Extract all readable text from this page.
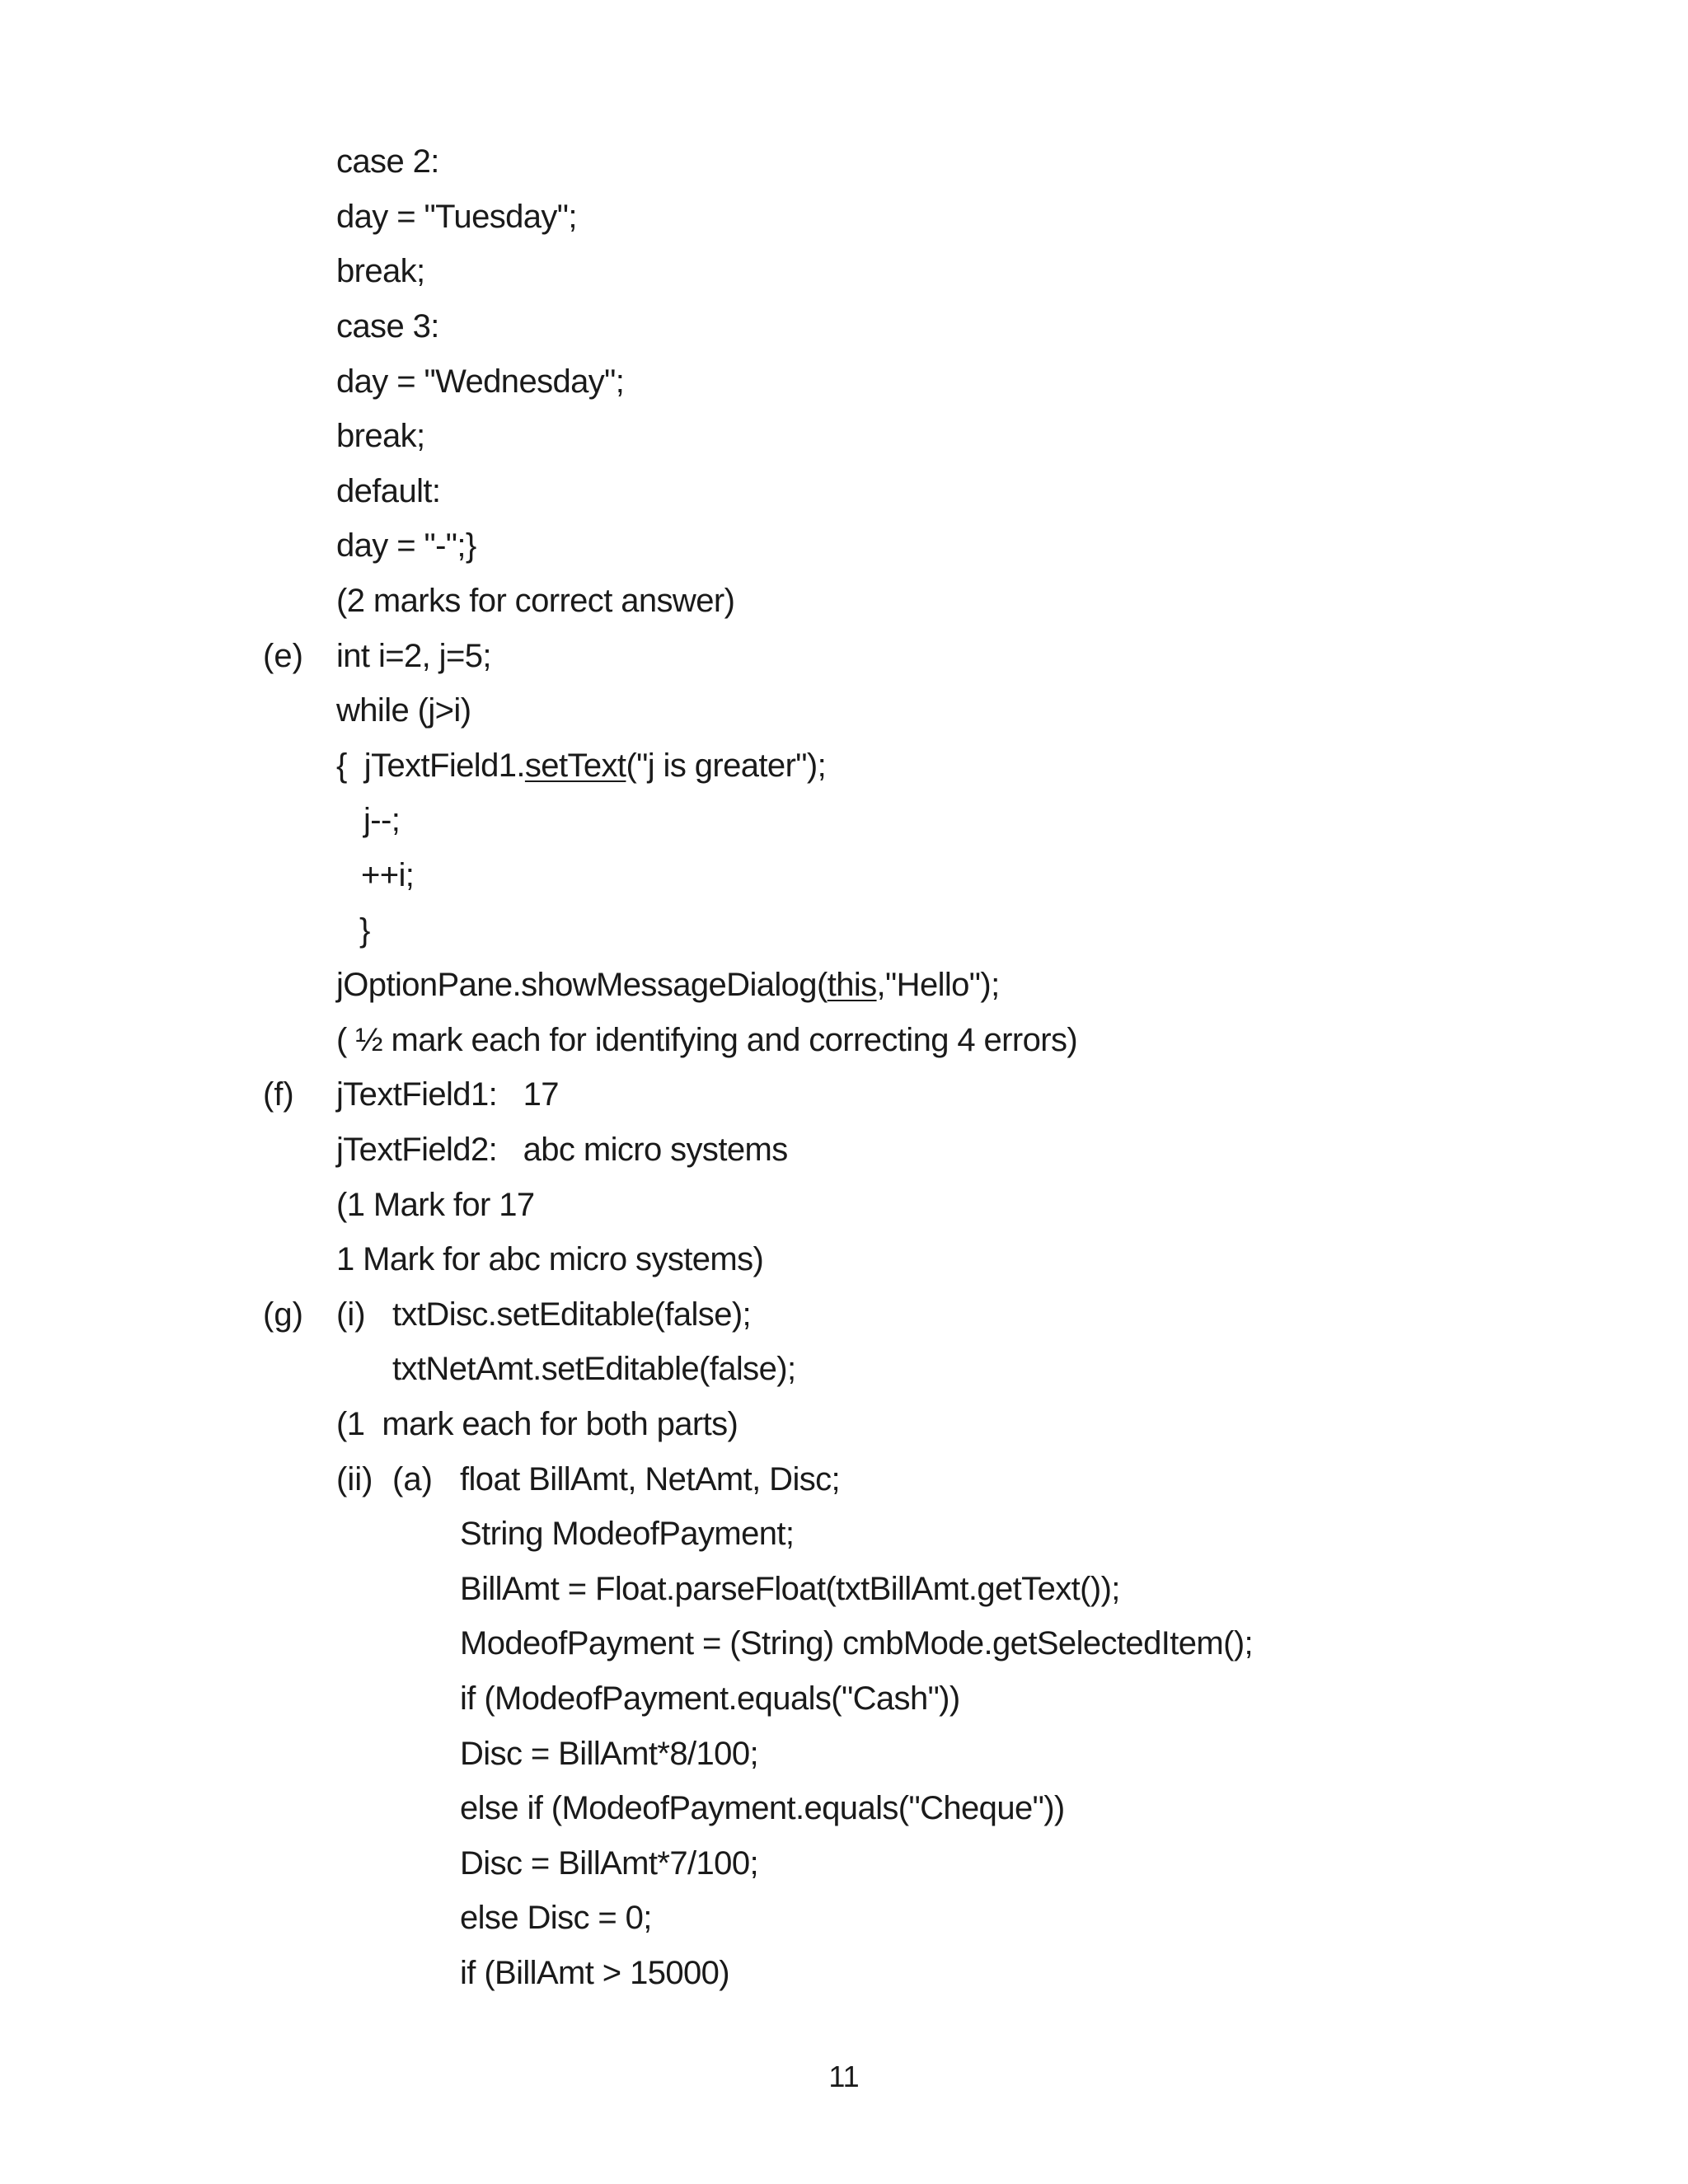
case 2:
day = "Tuesday";
break;
case 3:
day = "Wednesday";
break;
default:
day = "-";}
(2 marks for correct answer)
(e) int i=2, j=5;
while (j>i)
{  jTextField1.setText("j is greater");
j--;
++i;
}
jOptionPane.showMessageDialog(this,"Hello");
( ½ mark each for identifying and correcting 4 errors)
(f) jTextField1:   17
jTextField2:   abc micro systems
(1 Mark for 17
1 Mark for abc micro systems)
(g) (i) txtDisc.setEditable(false);
txtNetAmt.setEditable(false);
(1  mark each for both parts)
(ii) (a) float BillAmt, NetAmt, Disc;
String ModeofPayment;
BillAmt = Float.parseFloat(txtBillAmt.getText());
ModeofPayment = (String) cmbMode.getSelectedItem();
if (ModeofPayment.equals("Cash"))
Disc = BillAmt*8/100;
else if (ModeofPayment.equals("Cheque"))
Disc = BillAmt*7/100;
else Disc = 0;
if (BillAmt > 15000)
11
